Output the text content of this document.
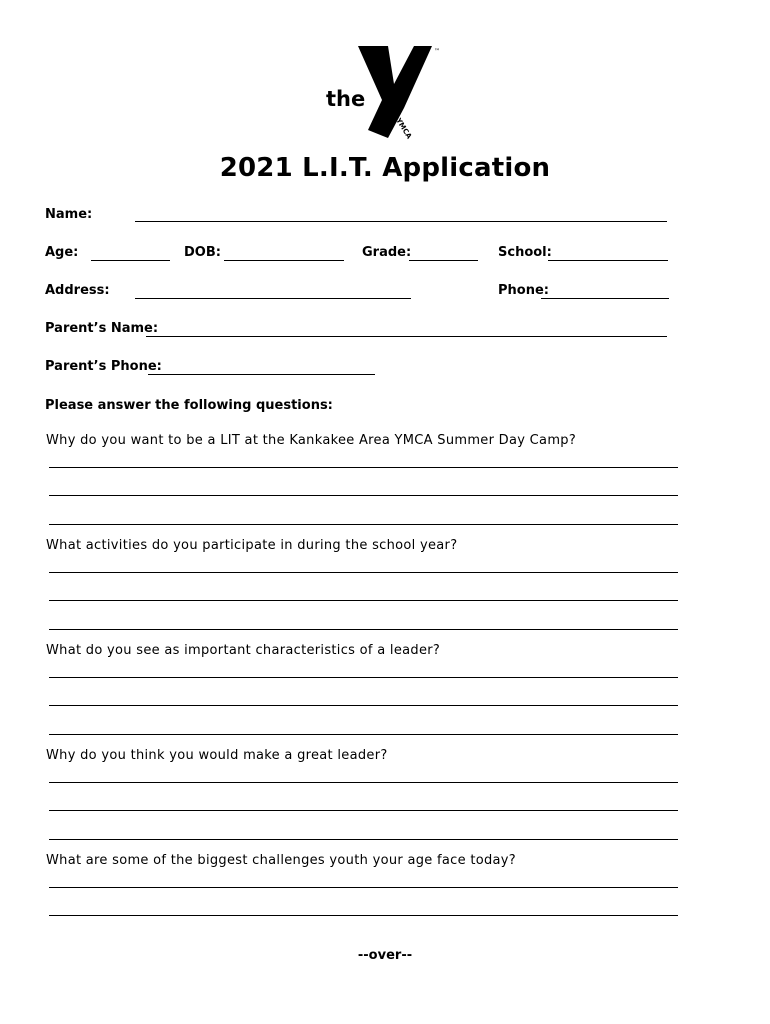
the
YMCA
™
2021 L.I.T. Application
Name:
Age:	DOB:	Grade:	School:
Address:	Phone:
Parent’s Name:
Parent’s Phone:
Please answer the following questions:
Why do you want to be a LIT at the Kankakee Area YMCA Summer Day Camp?
What activities do you participate in during the school year?
What do you see as important characteristics of a leader?
Why do you think you would make a great leader?
What are some of the biggest challenges youth your age face today?
--over--
